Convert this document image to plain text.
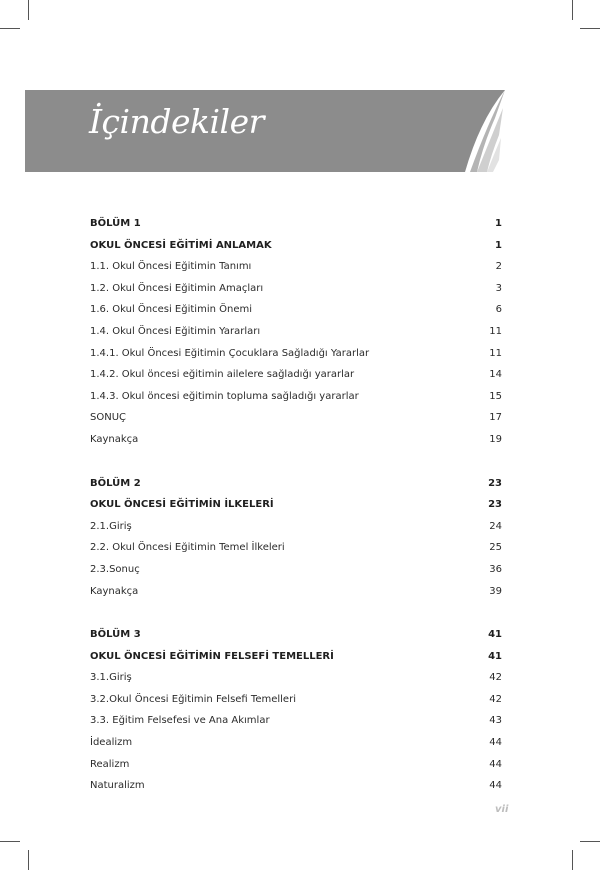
İçindekiler
BÖLÜM 1	1
OKUL ÖNCESİ EĞİTİMİ ANLAMAK	1
1.1. Okul Öncesi Eğitimin Tanımı	2
1.2. Okul Öncesi Eğitimin Amaçları	3
1.6. Okul Öncesi Eğitimin Önemi	6
1.4. Okul Öncesi Eğitimin Yararları	11
1.4.1. Okul Öncesi Eğitimin Çocuklara Sağladığı Yararlar	11
1.4.2. Okul öncesi eğitimin ailelere sağladığı yararlar	14
1.4.3. Okul öncesi eğitimin topluma sağladığı yararlar	15
SONUÇ	17
Kaynakça	19
BÖLÜM 2	23
OKUL ÖNCESİ EĞİTİMİN İLKELERİ	23
2.1.Giriş	24
2.2. Okul Öncesi Eğitimin Temel İlkeleri	25
2.3.Sonuç	36
Kaynakça	39
BÖLÜM 3	41
OKUL ÖNCESİ EĞİTİMİN FELSEFİ TEMELLERİ	41
3.1.Giriş	42
3.2.Okul Öncesi Eğitimin Felsefi Temelleri	42
3.3. Eğitim Felsefesi ve Ana Akımlar	43
İdealizm	44
Realizm	44
Naturalizm	44
vii
